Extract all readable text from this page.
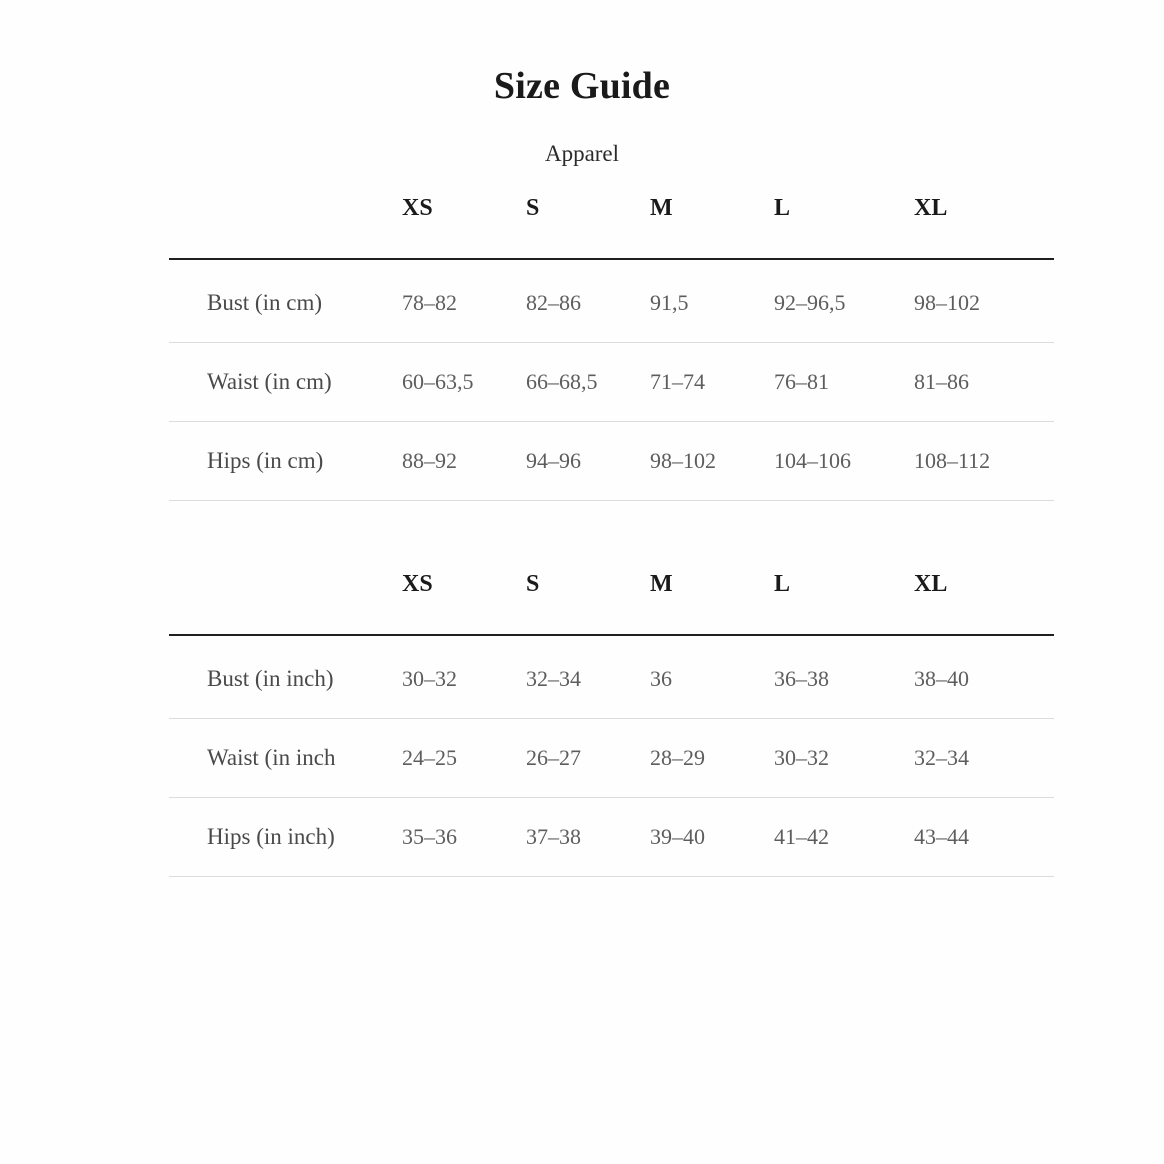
Size Guide
Apparel
	XS	S	M	L	XL
Bust (in cm)	78–82	82–86	91,5	92–96,5	98–102
Waist (in cm)	60–63,5	66–68,5	71–74	76–81	81–86
Hips (in cm)	88–92	94–96	98–102	104–106	108–112
	XS	S	M	L	XL
Bust (in inch)	30–32	32–34	36	36–38	38–40
Waist (in inch	24–25	26–27	28–29	30–32	32–34
Hips (in inch)	35–36	37–38	39–40	41–42	43–44
